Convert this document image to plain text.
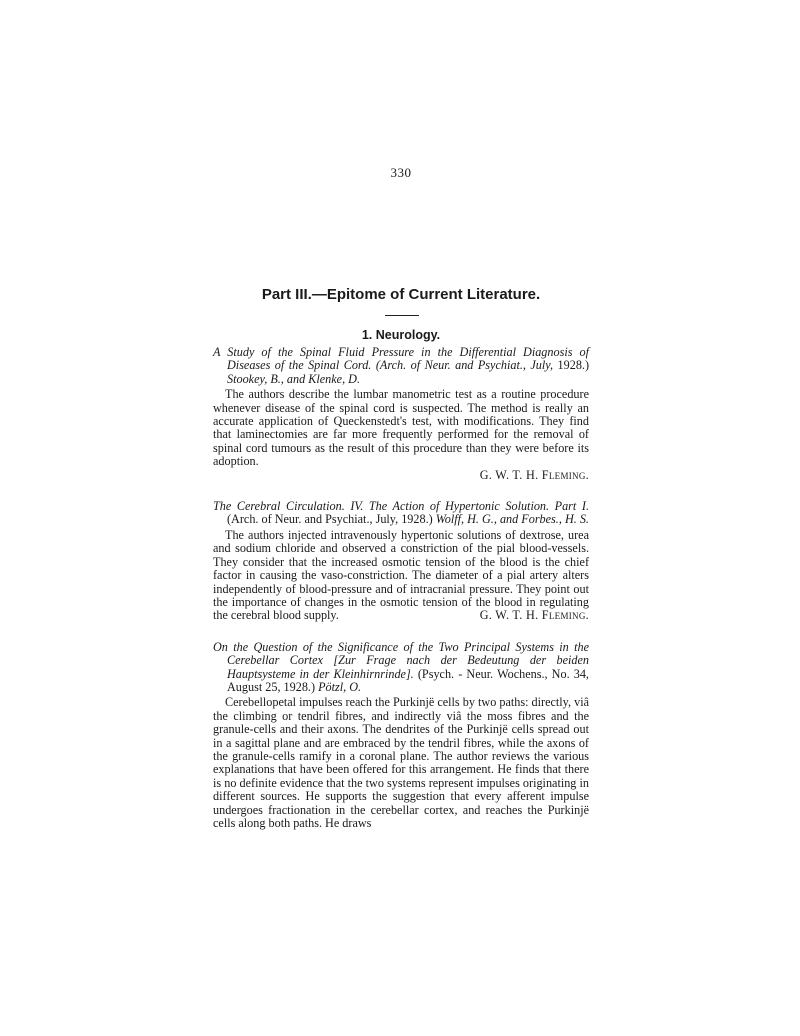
330

Part III.—Epitome of Current Literature.
1. Neurology.

A Study of the Spinal Fluid Pressure in the Differential Diagnosis of Diseases of the Spinal Cord. (Arch. of Neur. and Psychiat., July, 1928.) Stookey, B., and Klenke, D.

The authors describe the lumbar manometric test as a routine procedure whenever disease of the spinal cord is suspected. The method is really an accurate application of Queckenstedt's test, with modifications. They find that laminectomies are far more frequently performed for the removal of spinal cord tumours as the result of this procedure than they were before its adoption.

G. W. T. H. Fleming.

The Cerebral Circulation. IV. The Action of Hypertonic Solution. Part I. (Arch. of Neur. and Psychiat., July, 1928.) Wolff, H. G., and Forbes., H. S.

The authors injected intravenously hypertonic solutions of dextrose, urea and sodium chloride and observed a constriction of the pial blood-vessels. They consider that the increased osmotic tension of the blood is the chief factor in causing the vaso-constriction. The diameter of a pial artery alters independently of blood-pressure and of intracranial pressure. They point out the importance of changes in the osmotic tension of the blood in regulating the cerebral blood supply.	G. W. T. H. Fleming.

On the Question of the Significance of the Two Principal Systems in the Cerebellar Cortex [Zur Frage nach der Bedeutung der beiden Hauptsysteme in der Kleinhirnrinde]. (Psych. - Neur. Wochens., No. 34, August 25, 1928.) Pötzl, O.

Cerebellopetal impulses reach the Purkinjë cells by two paths: directly, viâ the climbing or tendril fibres, and indirectly viâ the moss fibres and the granule-cells and their axons. The dendrites of the Purkinjë cells spread out in a sagittal plane and are embraced by the tendril fibres, while the axons of the granule-cells ramify in a coronal plane. The author reviews the various explanations that have been offered for this arrangement. He finds that there is no definite evidence that the two systems represent impulses originating in different sources. He supports the suggestion that every afferent impulse undergoes fractionation in the cerebellar cortex, and reaches the Purkinjë cells along both paths. He draws
